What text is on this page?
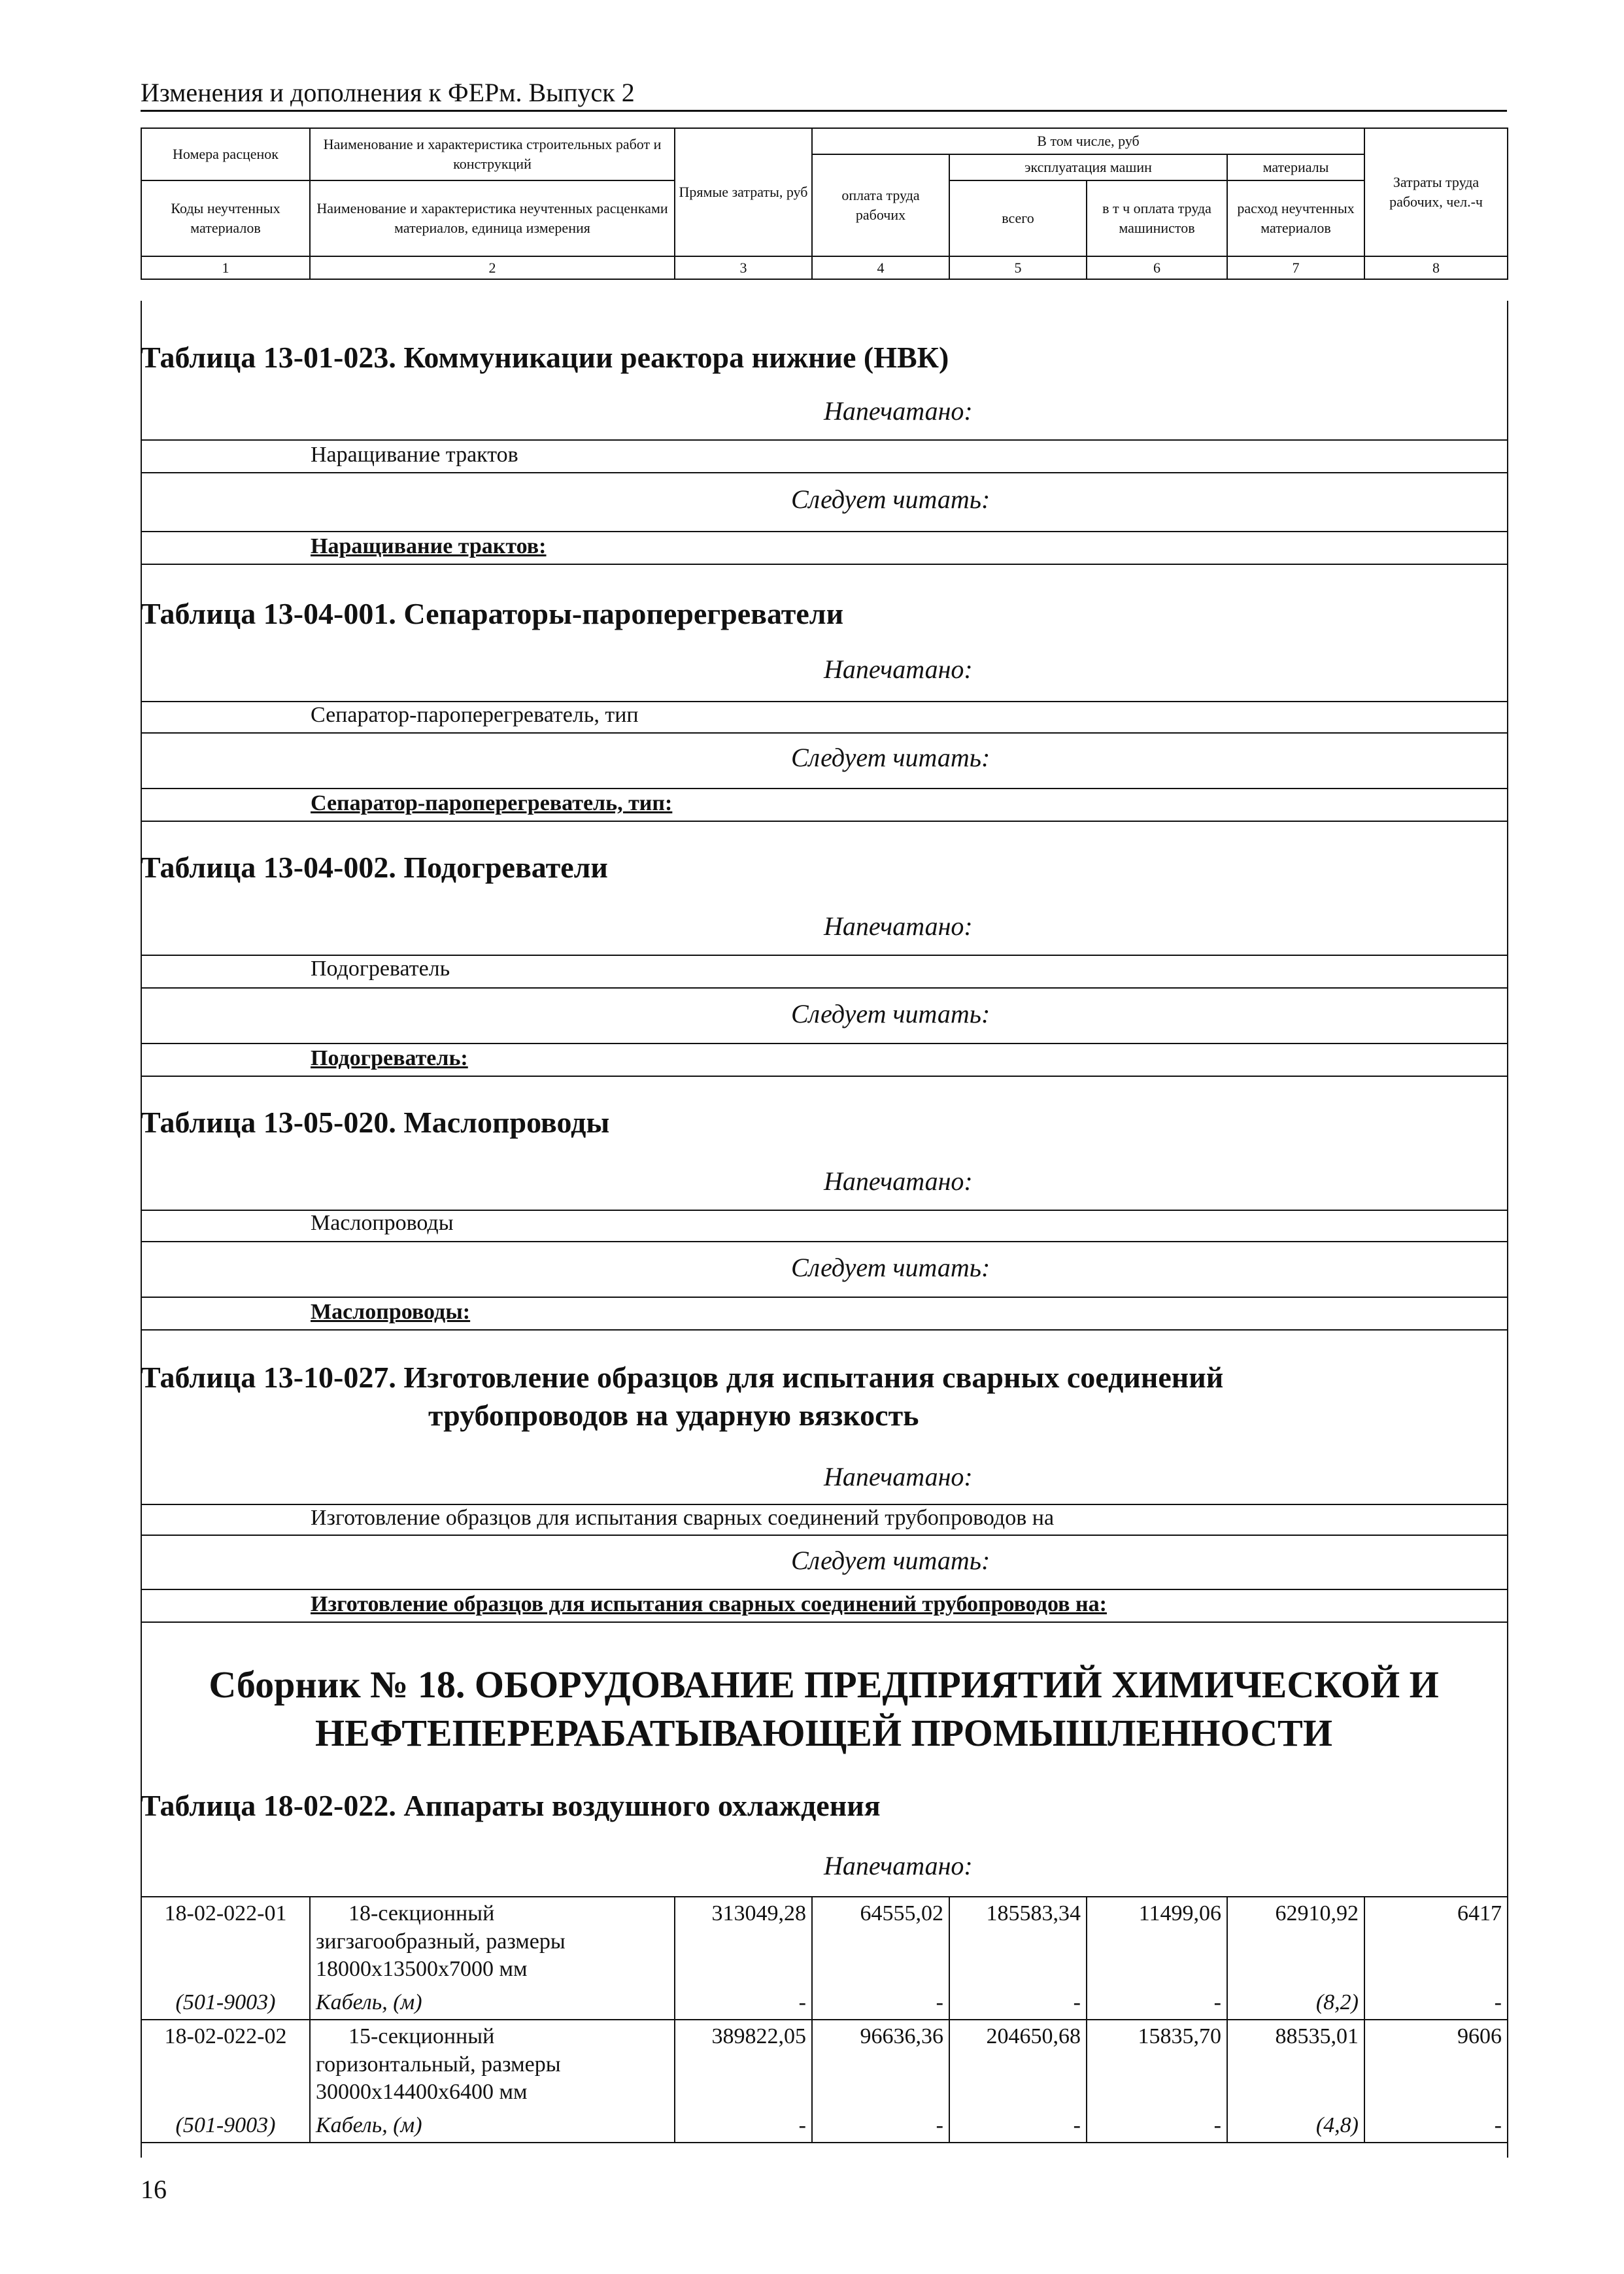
Изменения и дополнения к ФЕРм. Выпуск 2
Номера расценок	Наименование и характеристика строительных работ и конструкций	Прямые затраты, руб	В том числе, руб				Затраты труда рабочих, чел.-ч
			оплата труда рабочих	эксплуатация машин		материалы	
Коды неучтенных материалов	Наименование и характеристика неучтенных расценками материалов, единица измерения			всего	в т ч оплата труда машинистов	расход неучтенных материалов	

1	2	3	4	5	6	7	8
Таблица 13-01-023. Коммуникации реактора нижние (НВК)
Напечатано:
Наращивание трактов
Следует читать:
Наращивание трактов:
Таблица 13-04-001. Сепараторы-пароперегреватели
Напечатано:
Сепаратор-пароперегреватель, тип
Следует читать:
Сепаратор-пароперегреватель, тип:
Таблица 13-04-002. Подогреватели
Напечатано:
Подогреватель
Следует читать:
Подогреватель:
Таблица 13-05-020. Маслопроводы
Напечатано:
Маслопроводы
Следует читать:
Маслопроводы:
Таблица 13-10-027. Изготовление образцов для испытания сварных соединений
трубопроводов на ударную вязкость
Напечатано:
Изготовление образцов для испытания сварных соединений трубопроводов на
Следует читать:
Изготовление образцов для испытания сварных соединений трубопроводов на:
Сборник № 18. ОБОРУДОВАНИЕ ПРЕДПРИЯТИЙ ХИМИЧЕСКОЙ И
НЕФТЕПЕРЕРАБАТЫВАЮЩЕЙ ПРОМЫШЛЕННОСТИ
Таблица 18-02-022. Аппараты воздушного охлаждения
Напечатано:
18-02-022-01	18-секционный
зигзагообразный, размеры
18000x13500x7000 мм	313049,28	64555,02	185583,34	11499,06	62910,92	6417
(501-9003)	Кабель, (м)	-	-	-	-	(8,2)	-
18-02-022-02	15-секционный
горизонтальный, размеры
30000x14400x6400 мм	389822,05	96636,36	204650,68	15835,70	88535,01	9606
(501-9003)	Кабель, (м)	-	-	-	-	(4,8)	-
16
